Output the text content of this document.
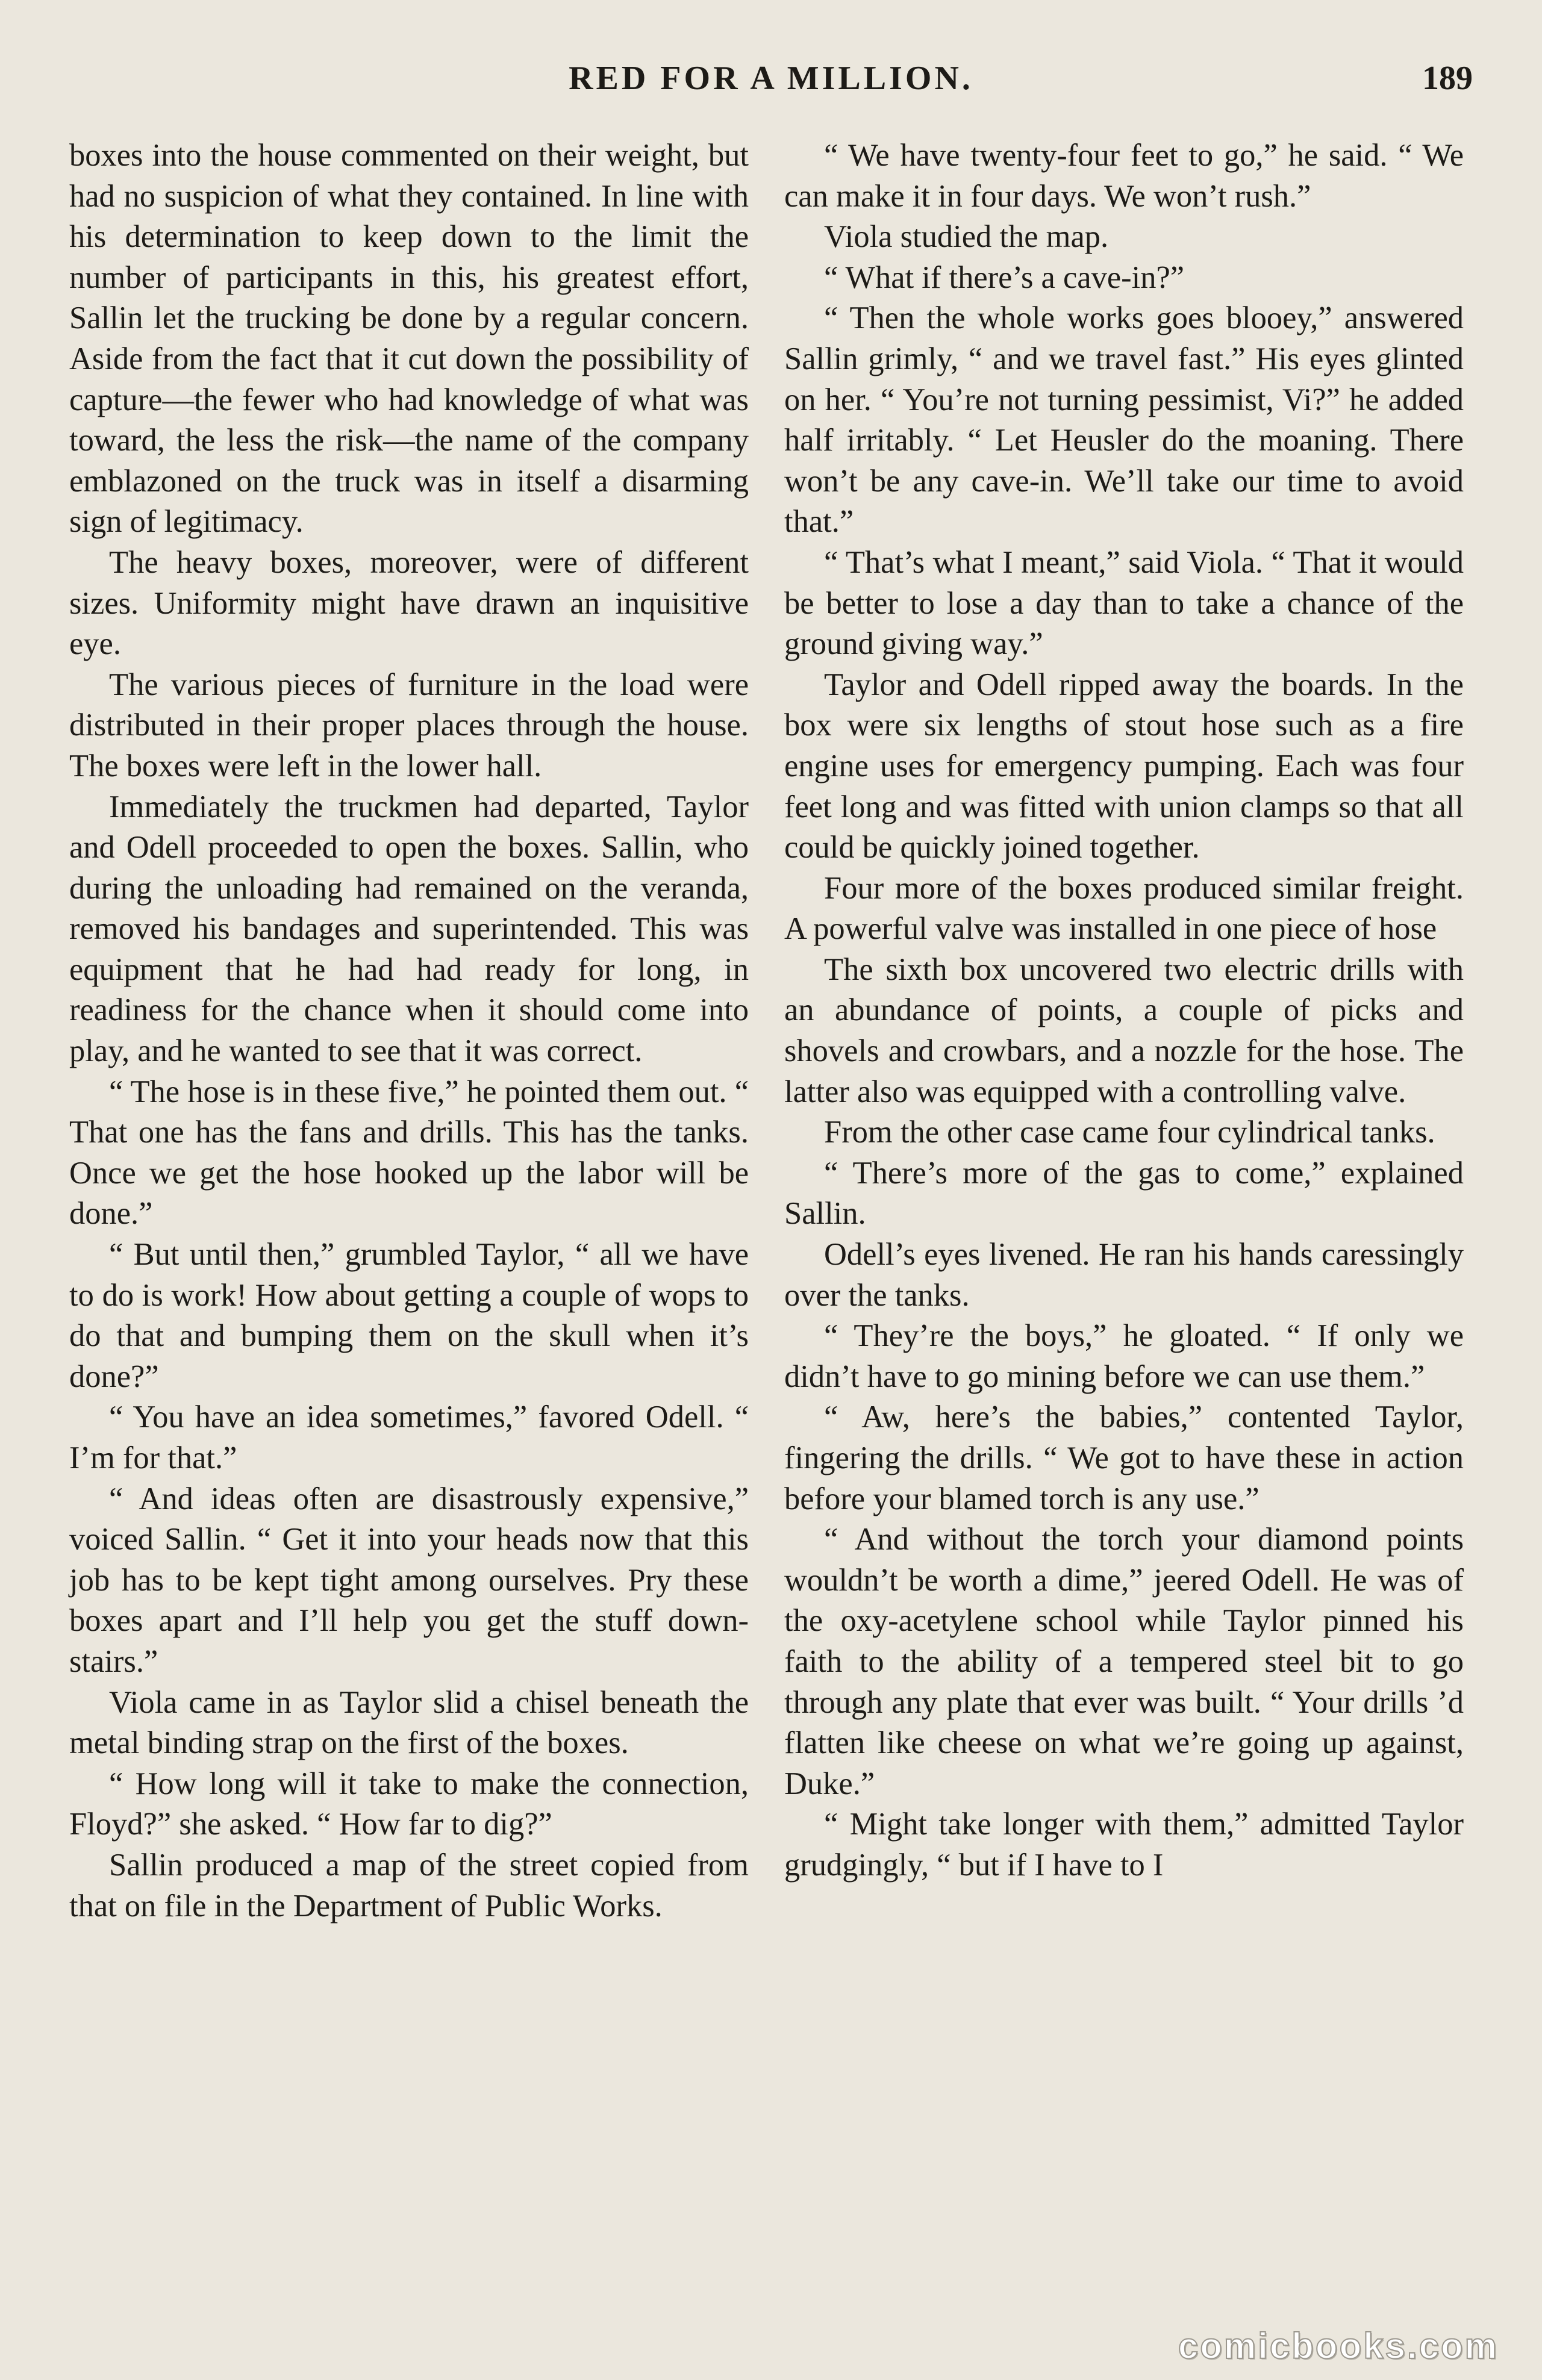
RED FOR A MILLION.	189

boxes into the house commented on their weight, but had no suspicion of what they contained. In line with his determination to keep down to the limit the number of participants in this, his greatest effort, Sallin let the trucking be done by a regular concern. Aside from the fact that it cut down the possibility of capture—the fewer who had knowledge of what was toward, the less the risk—the name of the company emblazoned on the truck was in itself a disarming sign of legitimacy.

The heavy boxes, moreover, were of different sizes. Uniformity might have drawn an inquisitive eye.

The various pieces of furniture in the load were distributed in their proper places through the house. The boxes were left in the lower hall.

Immediately the truckmen had departed, Taylor and Odell proceeded to open the boxes. Sallin, who during the unloading had remained on the veranda, removed his bandages and superintended. This was equipment that he had had ready for long, in readiness for the chance when it should come into play, and he wanted to see that it was correct.

“ The hose is in these five,” he pointed them out. “ That one has the fans and drills. This has the tanks. Once we get the hose hooked up the labor will be done.”

“ But until then,” grumbled Taylor, “ all we have to do is work! How about getting a couple of wops to do that and bumping them on the skull when it’s done?”

“ You have an idea sometimes,” favored Odell. “ I’m for that.”

“ And ideas often are disastrously expensive,” voiced Sallin. “ Get it into your heads now that this job has to be kept tight among ourselves. Pry these boxes apart and I’ll help you get the stuff downstairs.”

Viola came in as Taylor slid a chisel beneath the metal binding strap on the first of the boxes.

“ How long will it take to make the connection, Floyd?” she asked. “ How far to dig?”

Sallin produced a map of the street copied from that on file in the Department of Public Works.

“ We have twenty-four feet to go,” he said. “ We can make it in four days. We won’t rush.”

Viola studied the map.

“ What if there’s a cave-in?”

“ Then the whole works goes blooey,” answered Sallin grimly, “ and we travel fast.” His eyes glinted on her. “ You’re not turning pessimist, Vi?” he added half irritably. “ Let Heusler do the moaning. There won’t be any cave-in. We’ll take our time to avoid that.”

“ That’s what I meant,” said Viola. “ That it would be better to lose a day than to take a chance of the ground giving way.”

Taylor and Odell ripped away the boards. In the box were six lengths of stout hose such as a fire engine uses for emergency pumping. Each was four feet long and was fitted with union clamps so that all could be quickly joined together.

Four more of the boxes produced similar freight. A powerful valve was installed in one piece of hose

The sixth box uncovered two electric drills with an abundance of points, a couple of picks and shovels and crowbars, and a nozzle for the hose. The latter also was equipped with a controlling valve.

From the other case came four cylindrical tanks.

“ There’s more of the gas to come,” explained Sallin.

Odell’s eyes livened. He ran his hands caressingly over the tanks.

“ They’re the boys,” he gloated. “ If only we didn’t have to go mining before we can use them.”

“ Aw, here’s the babies,” contented Taylor, fingering the drills. “ We got to have these in action before your blamed torch is any use.”

“ And without the torch your diamond points wouldn’t be worth a dime,” jeered Odell. He was of the oxy-acetylene school while Taylor pinned his faith to the ability of a tempered steel bit to go through any plate that ever was built. “ Your drills ’d flatten like cheese on what we’re going up against, Duke.”

“ Might take longer with them,” admitted Taylor grudgingly, “ but if I have to I

comicbooks.com
